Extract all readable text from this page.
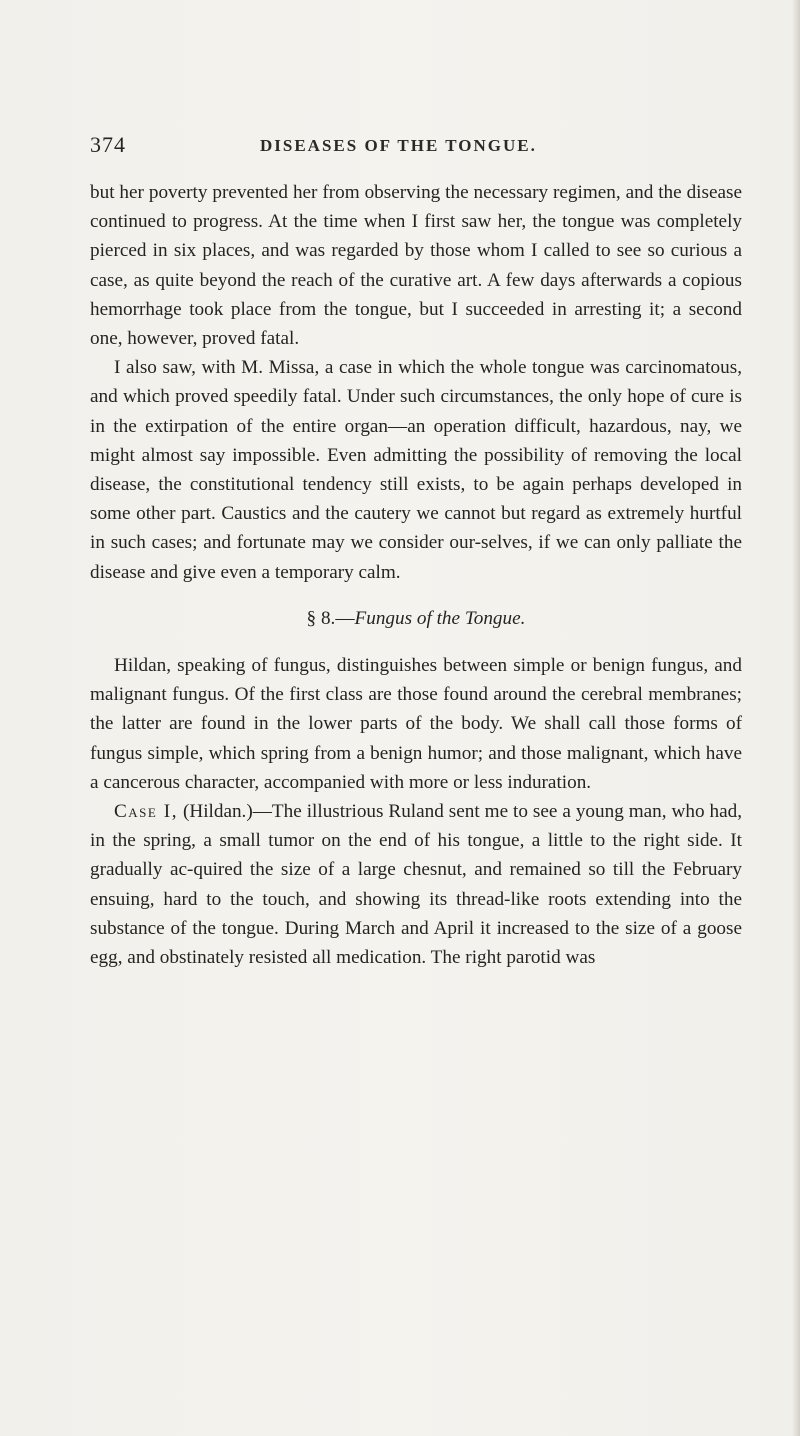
374	DISEASES OF THE TONGUE.

but her poverty prevented her from observing the necessary regimen, and the disease continued to progress. At the time when I first saw her, the tongue was completely pierced in six places, and was regarded by those whom I called to see so curious a case, as quite beyond the reach of the curative art. A few days afterwards a copious hemorrhage took place from the tongue, but I succeeded in arresting it; a second one, however, proved fatal.

I also saw, with M. Missa, a case in which the whole tongue was carcinomatous, and which proved speedily fatal. Under such circumstances, the only hope of cure is in the extirpation of the entire organ—an operation difficult, hazardous, nay, we might almost say impossible. Even admitting the possibility of removing the local disease, the constitutional tendency still exists, to be again perhaps developed in some other part. Caustics and the cautery we cannot but regard as extremely hurtful in such cases; and fortunate may we consider our-selves, if we can only palliate the disease and give even a temporary calm.

§ 8.—Fungus of the Tongue.

Hildan, speaking of fungus, distinguishes between simple or benign fungus, and malignant fungus. Of the first class are those found around the cerebral membranes; the latter are found in the lower parts of the body. We shall call those forms of fungus simple, which spring from a benign humor; and those malignant, which have a cancerous character, accompanied with more or less induration.

Case I, (Hildan.)—The illustrious Ruland sent me to see a young man, who had, in the spring, a small tumor on the end of his tongue, a little to the right side. It gradually ac-quired the size of a large chesnut, and remained so till the February ensuing, hard to the touch, and showing its thread-like roots extending into the substance of the tongue. During March and April it increased to the size of a goose egg, and obstinately resisted all medication. The right parotid was
